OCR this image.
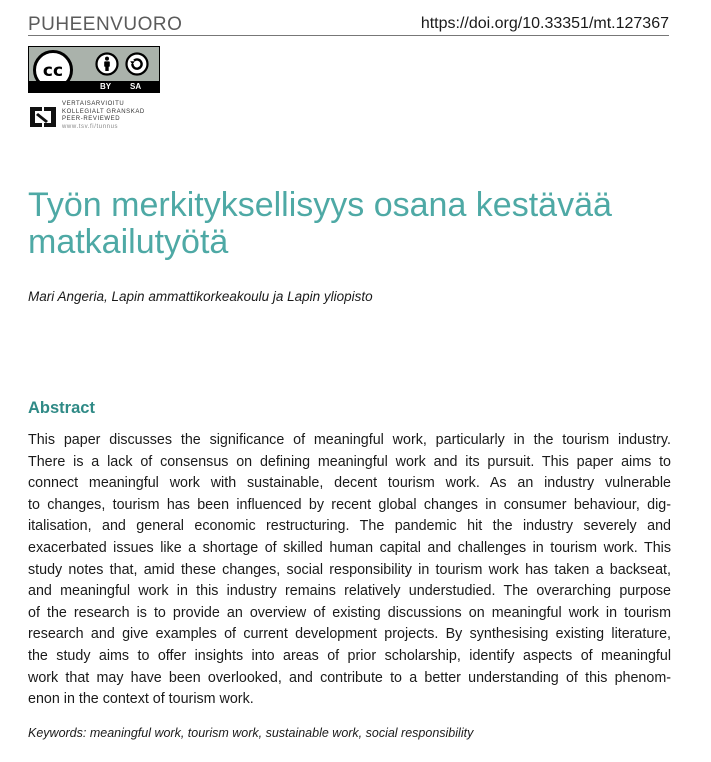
PUHEENVUORO	https://doi.org/10.33351/mt.127367
cc
BY SA
VERTAISARVIOITU
KOLLEGIALT GRANSKAD
PEER-REVIEWED
www.tsv.fi/tunnus
Työn merkityksellisyys osana kestävää matkailutyötä
Mari Angeria, Lapin ammattikorkeakoulu ja Lapin yliopisto
Abstract
This paper discusses the significance of meaningful work, particularly in the tourism industry.
There is a lack of consensus on defining meaningful work and its pursuit. This paper aims to
connect meaningful work with sustainable, decent tourism work. As an industry vulnerable
to changes, tourism has been influenced by recent global changes in consumer behaviour, dig-
italisation, and general economic restructuring. The pandemic hit the industry severely and
exacerbated issues like a shortage of skilled human capital and challenges in tourism work. This
study notes that, amid these changes, social responsibility in tourism work has taken a backseat,
and meaningful work in this industry remains relatively understudied. The overarching purpose
of the research is to provide an overview of existing discussions on meaningful work in tourism
research and give examples of current development projects. By synthesising existing literature,
the study aims to offer insights into areas of prior scholarship, identify aspects of meaningful
work that may have been overlooked, and contribute to a better understanding of this phenom-
enon in the context of tourism work.
Keywords: meaningful work, tourism work, sustainable work, social responsibility
